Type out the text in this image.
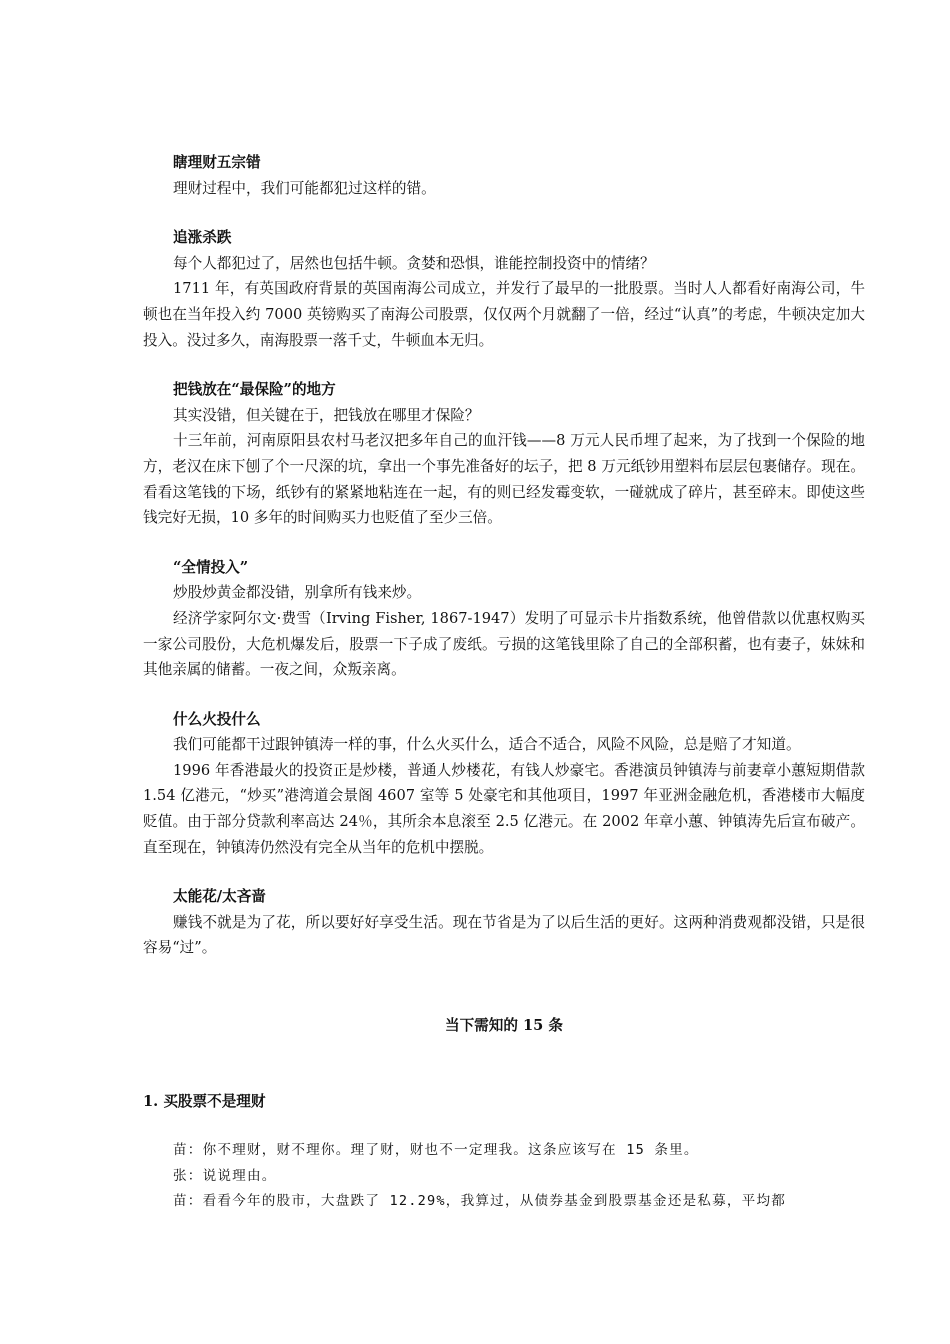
瞎理财五宗错

理财过程中，我们可能都犯过这样的错。

追涨杀跌

每个人都犯过了，居然也包括牛顿。贪婪和恐惧，谁能控制投资中的情绪？

1711 年，有英国政府背景的英国南海公司成立，并发行了最早的一批股票。当时人人都看好南海公司，牛顿也在当年投入约 7000 英镑购买了南海公司股票，仅仅两个月就翻了一倍，经过“认真”的考虑，牛顿决定加大投入。没过多久，南海股票一落千丈，牛顿血本无归。

把钱放在“最保险”的地方

其实没错，但关键在于，把钱放在哪里才保险？

十三年前，河南原阳县农村马老汉把多年自己的血汗钱——8 万元人民币埋了起来，为了找到一个保险的地方，老汉在床下刨了个一尺深的坑，拿出一个事先准备好的坛子，把 8 万元纸钞用塑料布层层包裹储存。现在。看看这笔钱的下场，纸钞有的紧紧地粘连在一起，有的则已经发霉变软，一碰就成了碎片，甚至碎末。即使这些钱完好无损，10 多年的时间购买力也贬值了至少三倍。

“全情投入”

炒股炒黄金都没错，别拿所有钱来炒。

经济学家阿尔文·费雪（Irving Fisher, 1867-1947）发明了可显示卡片指数系统，他曾借款以优惠权购买一家公司股份，大危机爆发后，股票一下子成了废纸。亏损的这笔钱里除了自己的全部积蓄，也有妻子，妹妹和其他亲属的储蓄。一夜之间，众叛亲离。

什么火投什么

我们可能都干过跟钟镇涛一样的事，什么火买什么，适合不适合，风险不风险，总是赔了才知道。

1996 年香港最火的投资正是炒楼，普通人炒楼花，有钱人炒豪宅。香港演员钟镇涛与前妻章小蕙短期借款 1.54 亿港元，“炒买”港湾道会景阁 4607 室等 5 处豪宅和其他项目，1997 年亚洲金融危机，香港楼市大幅度贬值。由于部分贷款利率高达 24％，其所余本息滚至 2.5 亿港元。在 2002 年章小蕙、钟镇涛先后宣布破产。直至现在，钟镇涛仍然没有完全从当年的危机中摆脱。

太能花/太吝啬

赚钱不就是为了花，所以要好好享受生活。现在节省是为了以后生活的更好。这两种消费观都没错，只是很容易“过”。

当下需知的 15 条

1. 买股票不是理财

苗：你不理财，财不理你。理了财，财也不一定理我。这条应该写在 15 条里。

张：说说理由。

苗：看看今年的股市，大盘跌了 12.29%，我算过，从债券基金到股票基金还是私募，平均都
